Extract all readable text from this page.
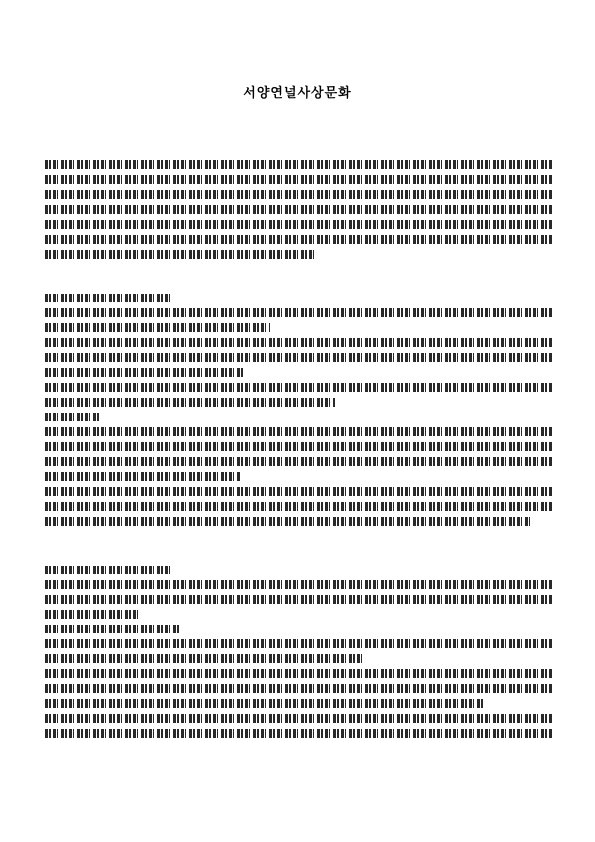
서양연널사상문화
